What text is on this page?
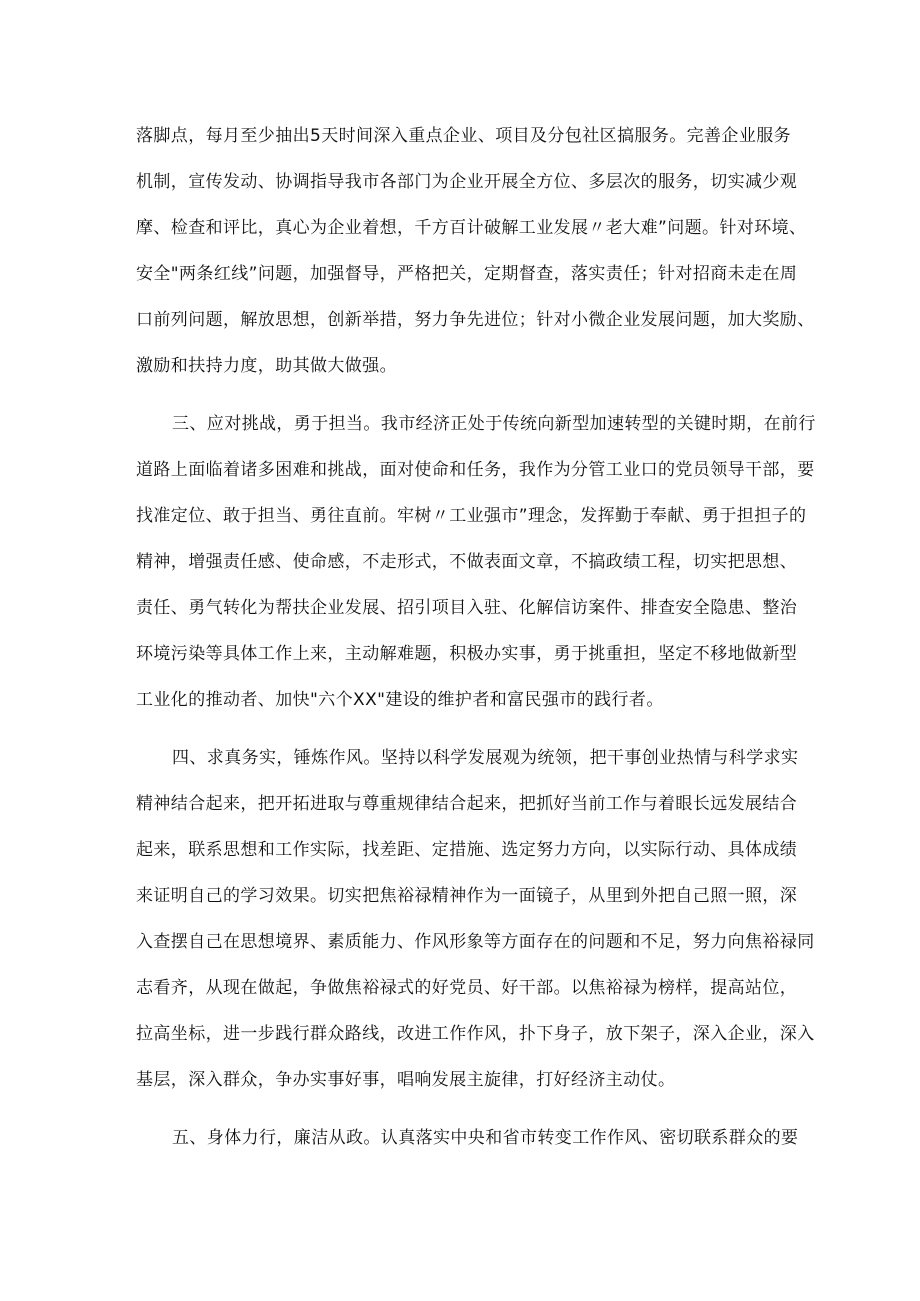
落脚点，每月至少抽出5天时间深入重点企业、项目及分包社区搞服务。完善企业服务
机制，宣传发动、协调指导我市各部门为企业开展全方位、多层次的服务，切实减少观
摩、检查和评比，真心为企业着想，千方百计破解工业发展〃老大难”问题。针对环境、
安全"两条红线”问题，加强督导，严格把关，定期督查，落实责任；针对招商未走在周
口前列问题，解放思想，创新举措，努力争先进位；针对小微企业发展问题，加大奖励、
激励和扶持力度，助其做大做强。
三、应对挑战，勇于担当。我市经济正处于传统向新型加速转型的关键时期，在前行
道路上面临着诸多困难和挑战，面对使命和任务，我作为分管工业口的党员领导干部，要
找准定位、敢于担当、勇往直前。牢树〃工业强市”理念，发挥勤于奉献、勇于担担子的
精神，增强责任感、使命感，不走形式，不做表面文章，不搞政绩工程，切实把思想、
责任、勇气转化为帮扶企业发展、招引项目入驻、化解信访案件、排查安全隐患、整治
环境污染等具体工作上来，主动解难题，积极办实事，勇于挑重担，坚定不移地做新型
工业化的推动者、加快"六个XX"建设的维护者和富民强市的践行者。
四、求真务实，锤炼作风。坚持以科学发展观为统领，把干事创业热情与科学求实
精神结合起来，把开拓进取与尊重规律结合起来，把抓好当前工作与着眼长远发展结合
起来，联系思想和工作实际，找差距、定措施、选定努力方向，以实际行动、具体成绩
来证明自己的学习效果。切实把焦裕禄精神作为一面镜子，从里到外把自己照一照，深
入查摆自己在思想境界、素质能力、作风形象等方面存在的问题和不足，努力向焦裕禄同
志看齐，从现在做起，争做焦裕禄式的好党员、好干部。以焦裕禄为榜样，提高站位，
拉高坐标，进一步践行群众路线，改进工作作风，扑下身子，放下架子，深入企业，深入
基层，深入群众，争办实事好事，唱响发展主旋律，打好经济主动仗。
五、身体力行，廉洁从政。认真落实中央和省市转变工作作风、密切联系群众的要
